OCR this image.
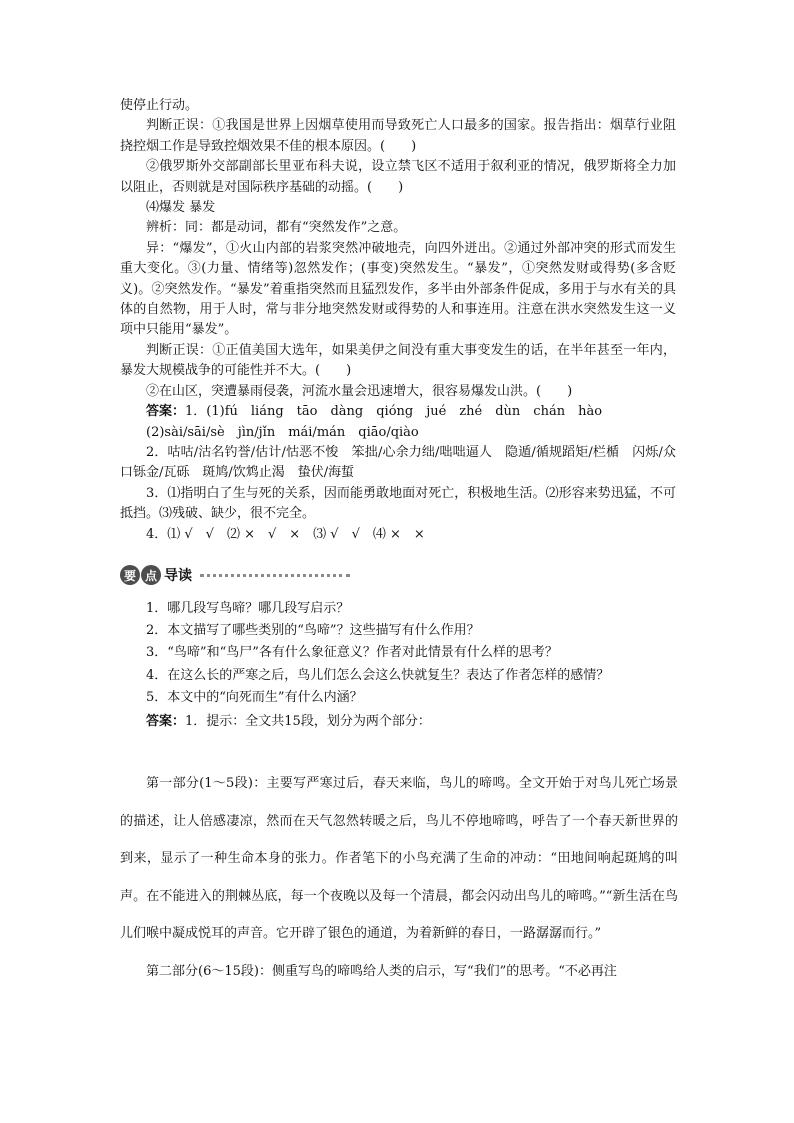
使停止行动。

判断正误：①我国是世界上因烟草使用而导致死亡人口最多的国家。报告指出：烟草行业阻挠控烟工作是导致控烟效果不佳的根本原因。(　　)

②俄罗斯外交部副部长里亚布科夫说，设立禁飞区不适用于叙利亚的情况，俄罗斯将全力加以阻止，否则就是对国际秩序基础的动摇。(　　)

⑷爆发 暴发

辨析：同：都是动词，都有“突然发作”之意。

异：“爆发”，①火山内部的岩浆突然冲破地壳，向四外迸出。②通过外部冲突的形式而发生重大变化。③(力量、情绪等)忽然发作；(事变)突然发生。“暴发”，①突然发财或得势(多含贬义)。②突然发作。“暴发”着重指突然而且猛烈发作，多半由外部条件促成，多用于与水有关的具体的自然物，用于人时，常与非分地突然发财或得势的人和事连用。注意在洪水突然发生这一义项中只能用“暴发”。

判断正误：①正值美国大选年，如果美伊之间没有重大事变发生的话，在半年甚至一年内，暴发大规模战争的可能性并不大。(　　)

②在山区，突遭暴雨侵袭，河流水量会迅速增大，很容易爆发山洪。(　　)

答案：1．(1)fú　liáng　tāo　dàng　qióng　jué　zhé　dùn　chán　hào

(2)sài/sāi/sè　jìn/jǐn　mái/mán　qiāo/qiào

2．咕咕/沽名钓誉/估计/怙恶不悛　笨拙/心余力绌/咄咄逼人　隐遁/循规蹈矩/栏楯　闪烁/众口铄金/瓦砾　斑鸠/饮鸩止渴　蛰伏/海蜇

3．⑴指明白了生与死的关系，因而能勇敢地面对死亡，积极地生活。⑵形容来势迅猛，不可抵挡。⑶残破、缺少，很不完全。

4．⑴ √　√　⑵ ×　√　×　⑶ √　√　⑷ ×　×

要 点 导读

1．哪几段写鸟啼？哪几段写启示？

2．本文描写了哪些类别的“鸟啼”？这些描写有什么作用？

3．“鸟啼”和“鸟尸”各有什么象征意义？作者对此情景有什么样的思考？

4．在这么长的严寒之后，鸟儿们怎么会这么快就复生？表达了作者怎样的感情？

5．本文中的“向死而生”有什么内涵？

答案：1．提示：全文共15段，划分为两个部分：

第一部分(1～5段)：主要写严寒过后，春天来临，鸟儿的啼鸣。全文开始于对鸟儿死亡场景的描述，让人倍感凄凉，然而在天气忽然转暖之后，鸟儿不停地啼鸣，呼告了一个春天新世界的到来，显示了一种生命本身的张力。作者笔下的小鸟充满了生命的冲动：“田地间响起斑鸠的叫声。在不能进入的荆棘丛底，每一个夜晚以及每一个清晨，都会闪动出鸟儿的啼鸣。”“新生活在鸟儿们喉中凝成悦耳的声音。它开辟了银色的通道，为着新鲜的春日，一路潺潺而行。”

第二部分(6～15段)：侧重写鸟的啼鸣给人类的启示，写“我们”的思考。“不必再注
